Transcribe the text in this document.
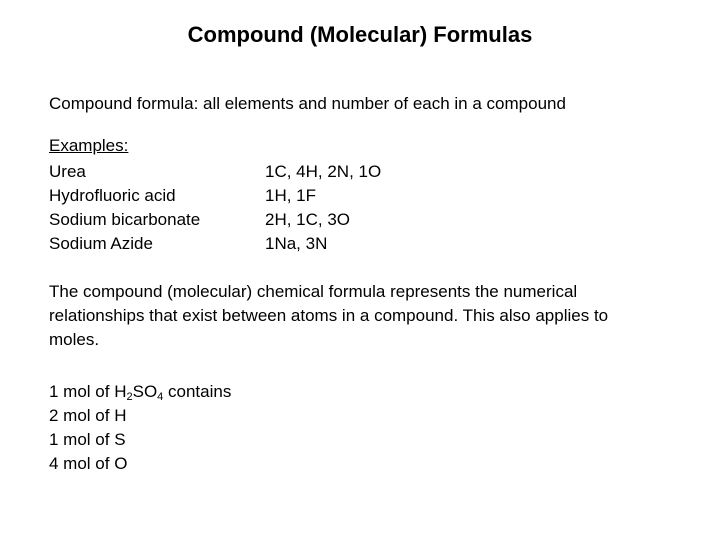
Compound (Molecular) Formulas
Compound formula: all elements and number of each in a compound
Examples:
Urea	1C, 4H, 2N, 1O
Hydrofluoric acid	1H, 1F
Sodium bicarbonate	2H, 1C, 3O
Sodium Azide	1Na, 3N
The compound (molecular) chemical formula represents the numerical relationships that exist between atoms in a compound. This also applies to moles.
1 mol of $H_2SO_4$ contains
2 mol of H
1 mol of S
4 mol of O
